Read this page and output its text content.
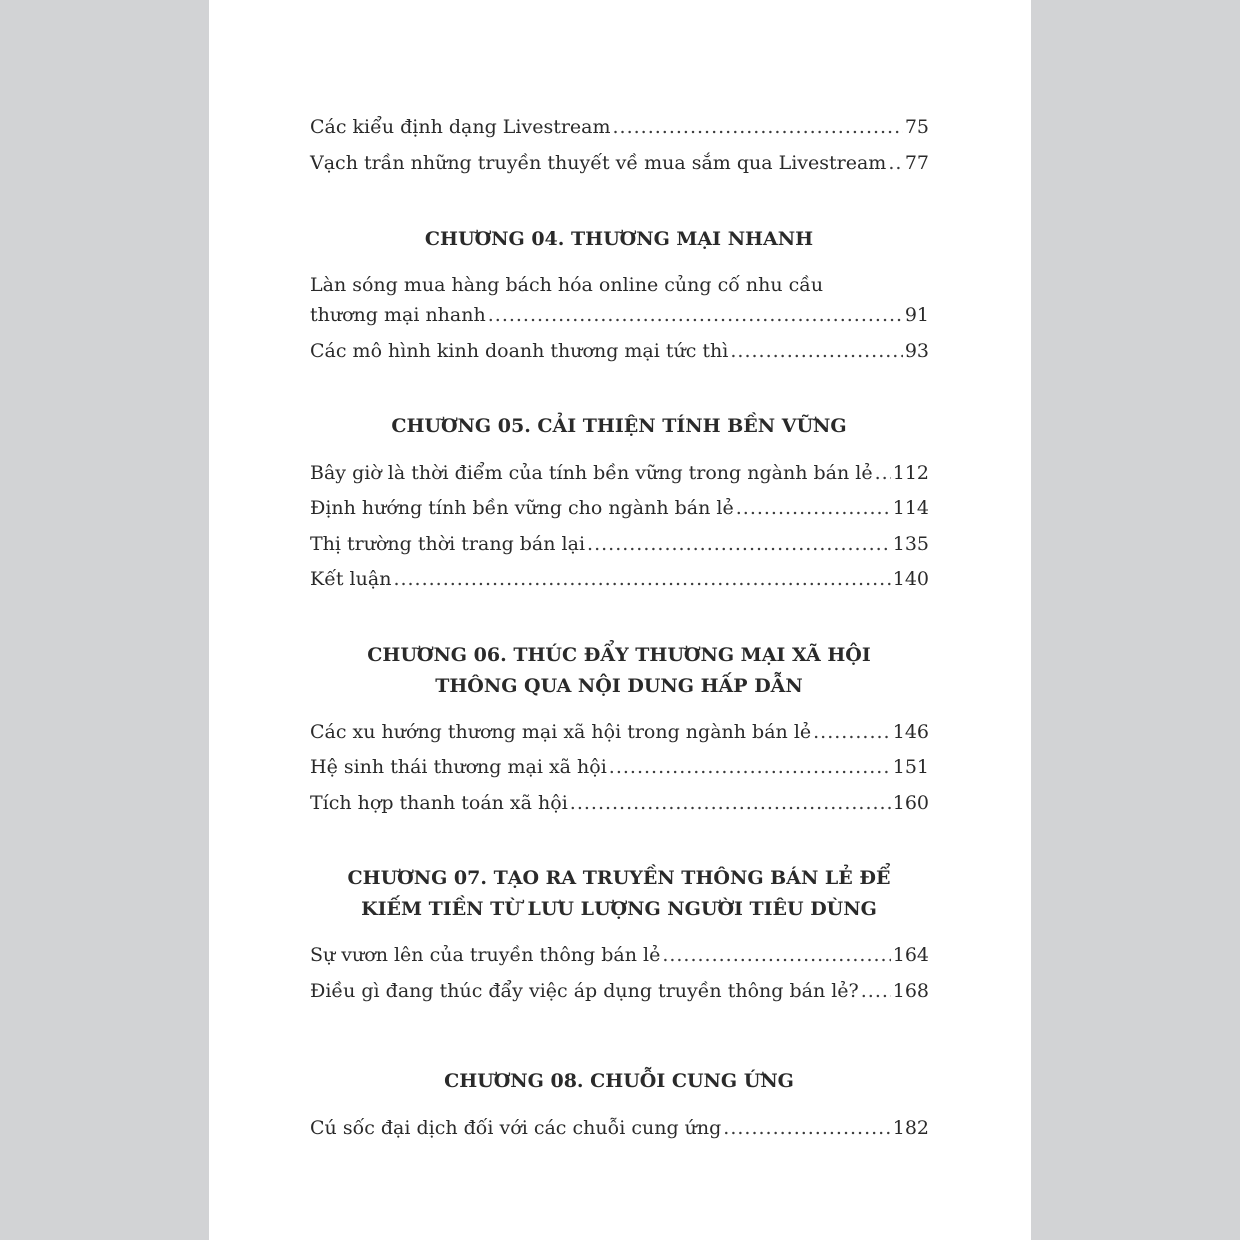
Các kiểu định dạng Livestream .....	75
Vạch trần những truyền thuyết về mua sắm qua Livestream ..... 77
CHƯƠNG 04. THƯƠNG MẠI NHANH
Làn sóng mua hàng bách hóa online củng cố nhu cầu
thương mại nhanh .....	91
Các mô hình kinh doanh thương mại tức thì .....	93
CHƯƠNG 05. CẢI THIỆN TÍNH BỀN VỮNG
Bây giờ là thời điểm của tính bền vững trong ngành bán lẻ ..... 112
Định hướng tính bền vững cho ngành bán lẻ .....	114
Thị trường thời trang bán lại .....	135
Kết luận .....	140
CHƯƠNG 06. THÚC ĐẨY THƯƠNG MẠI XÃ HỘI
THÔNG QUA NỘI DUNG HẤP DẪN
Các xu hướng thương mại xã hội trong ngành bán lẻ .....	146
Hệ sinh thái thương mại xã hội .....	151
Tích hợp thanh toán xã hội .....	160
CHƯƠNG 07. TẠO RA TRUYỀN THÔNG BÁN LẺ ĐỂ
KIẾM TIỀN TỪ LƯU LƯỢNG NGƯỜI TIÊU DÙNG
Sự vươn lên của truyền thông bán lẻ .....	164
Điều gì đang thúc đẩy việc áp dụng truyền thông bán lẻ? ..... 168
CHƯƠNG 08. CHUỖI CUNG ỨNG
Cú sốc đại dịch đối với các chuỗi cung ứng .....	182
